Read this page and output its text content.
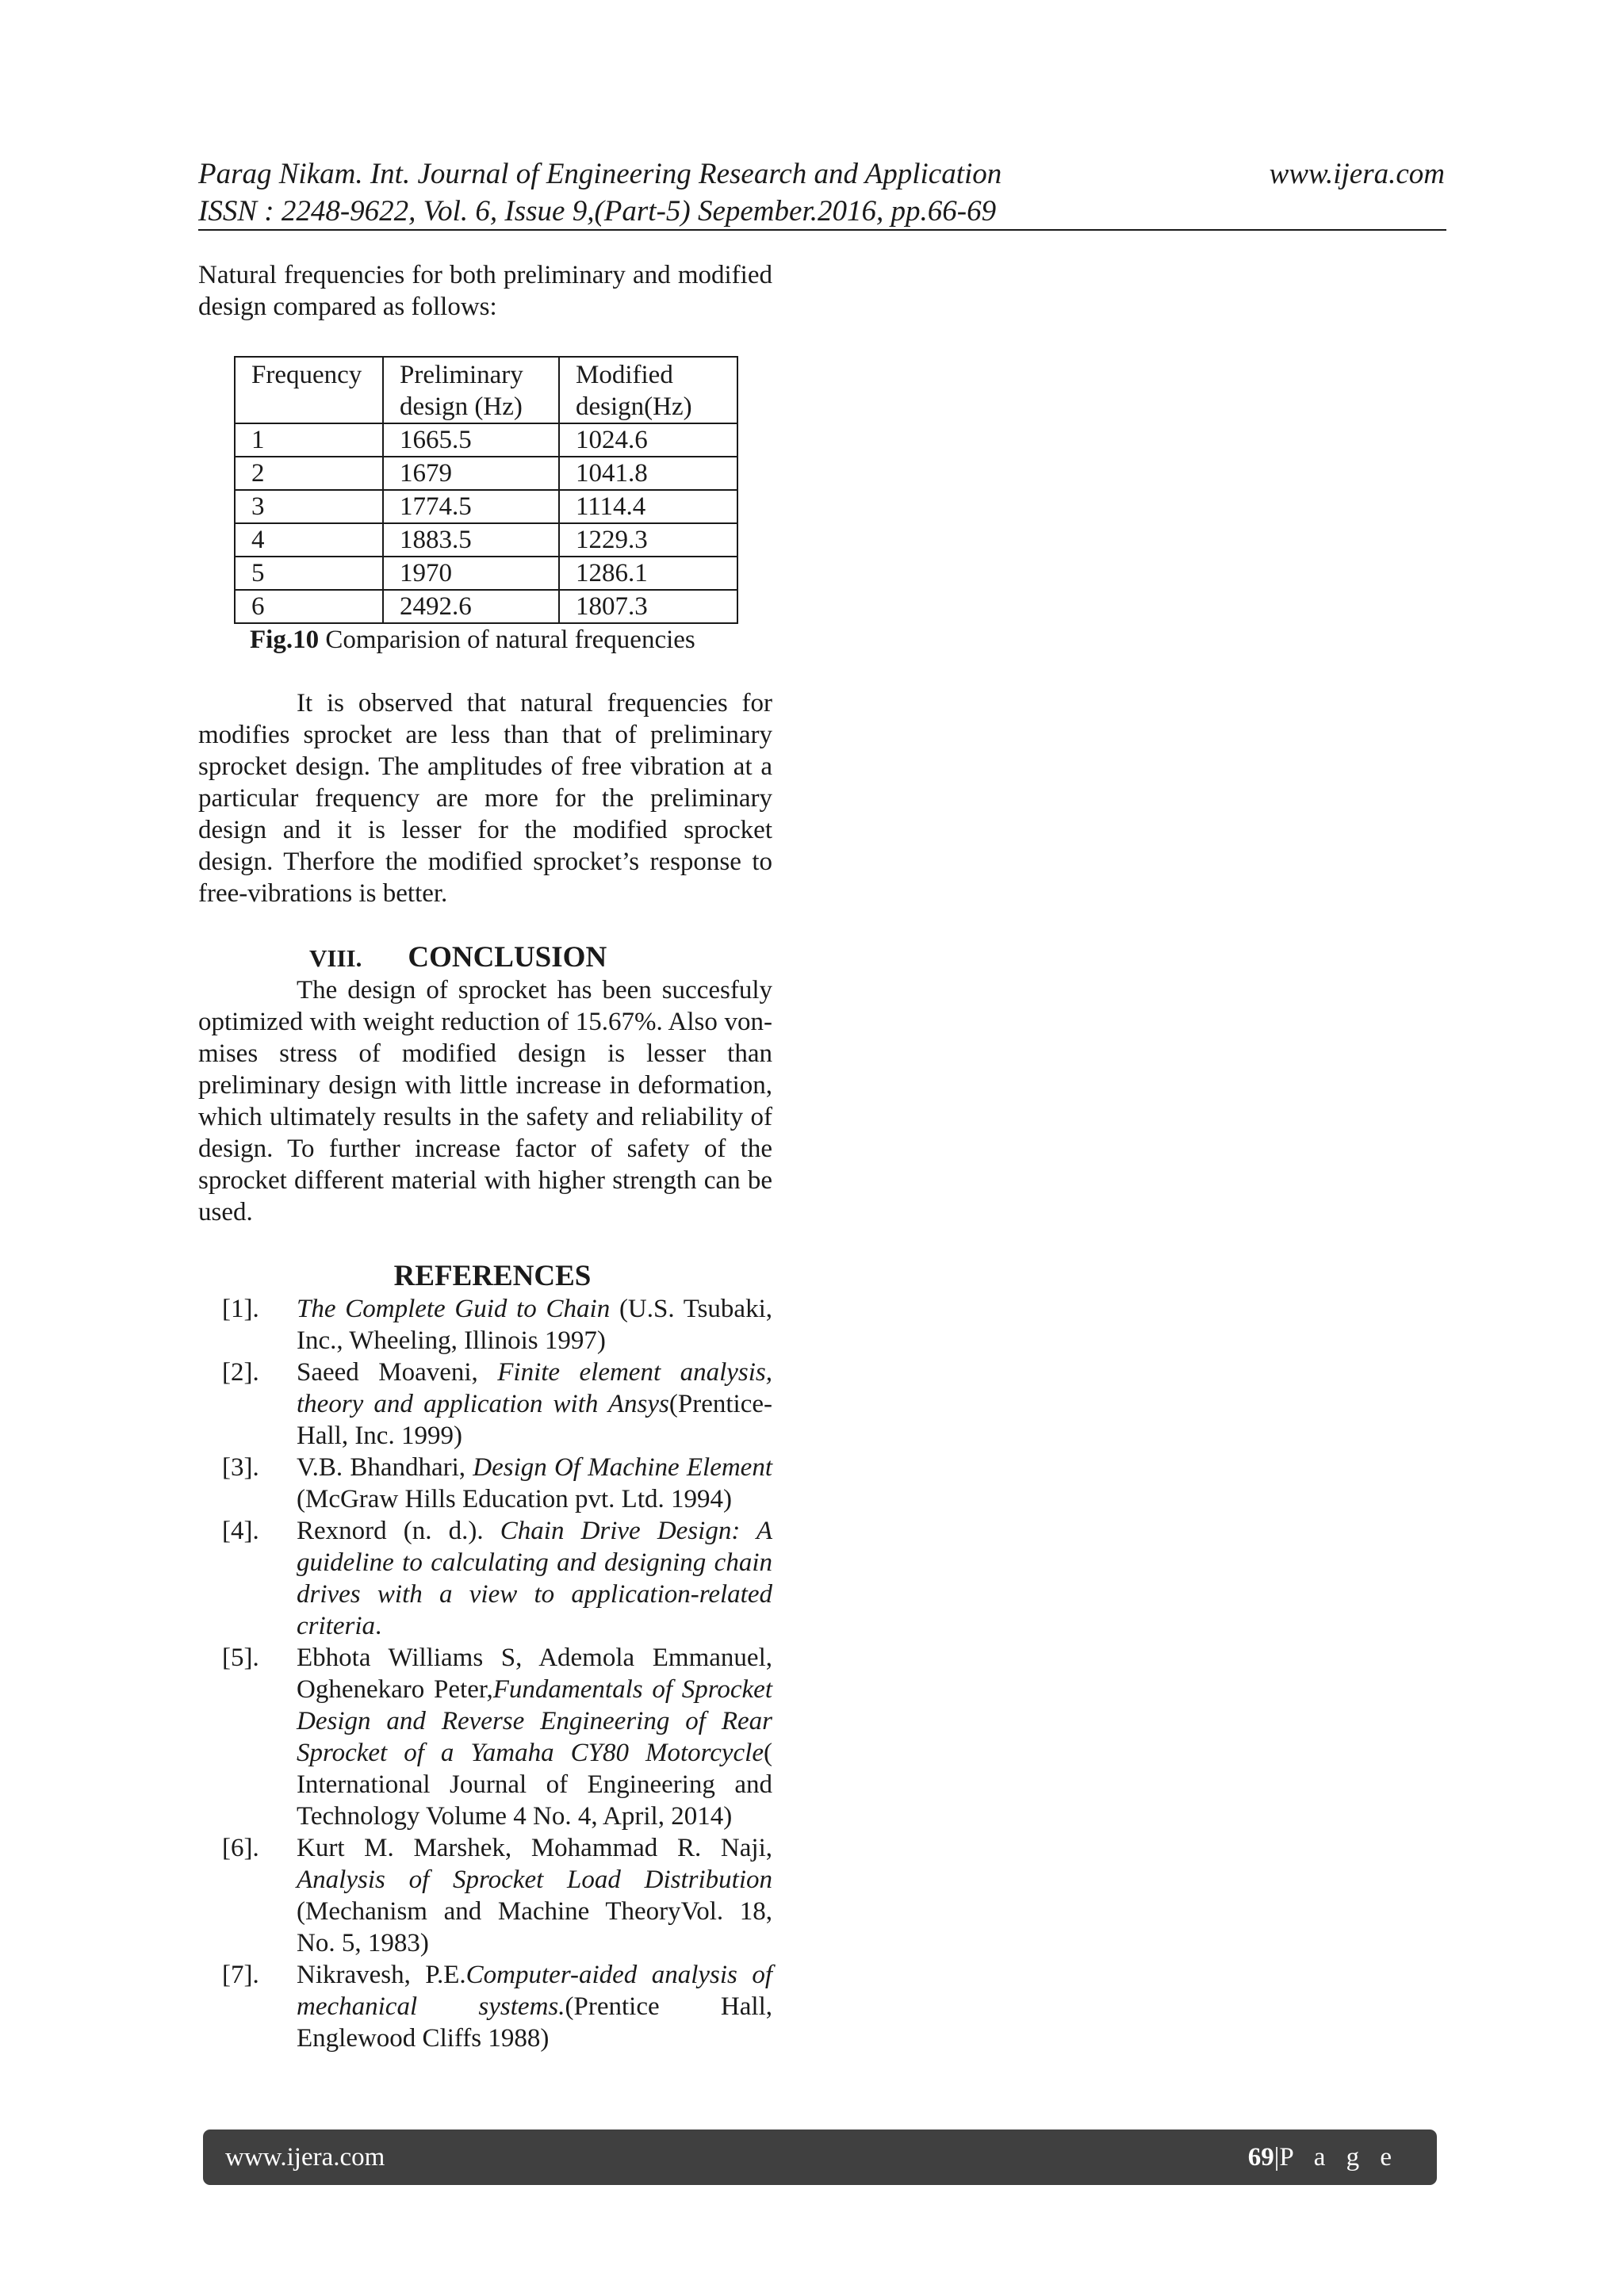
Parag Nikam. Int. Journal of Engineering Research and Application	www.ijera.com
ISSN : 2248-9622, Vol. 6, Issue 9,(Part-5) Sepember.2016, pp.66-69

Natural frequencies for both preliminary and modified design compared as follows:

Frequency	Preliminary design (Hz)	Modified design(Hz)
1	1665.5	1024.6
2	1679	1041.8
3	1774.5	1114.4
4	1883.5	1229.3
5	1970	1286.1
6	2492.6	1807.3

Fig.10 Comparision of natural frequencies

It is observed that natural frequencies for modifies sprocket are less than that of preliminary sprocket design. The amplitudes of free vibration at a particular frequency are more for the preliminary design and it is lesser for the modified sprocket design. Therfore the modified sprocket’s response to free-vibrations is better.

VIII. CONCLUSION

The design of sprocket has been succesfuly optimized with weight reduction of 15.67%. Also von-mises stress of modified design is lesser than preliminary design with little increase in deformation, which ultimately results in the safety and reliability of design. To further increase factor of safety of the sprocket different material with higher strength can be used.

REFERENCES
[1].	The Complete Guid to Chain (U.S. Tsubaki, Inc., Wheeling, Illinois 1997)
[2].	Saeed Moaveni, Finite element analysis, theory and application with Ansys(Prentice-Hall, Inc. 1999)
[3].	V.B. Bhandhari, Design Of Machine Element (McGraw Hills Education pvt. Ltd. 1994)
[4].	Rexnord (n. d.). Chain Drive Design: A guideline to calculating and designing chain drives with a view to application-related criteria.
[5].	Ebhota Williams S, Ademola Emmanuel, Oghenekaro Peter,Fundamentals of Sprocket Design and Reverse Engineering of Rear Sprocket of a Yamaha CY80 Motorcycle( International Journal of Engineering and Technology Volume 4 No. 4, April, 2014)
[6].	Kurt M. Marshek, Mohammad R. Naji, Analysis of Sprocket Load Distribution (Mechanism and Machine TheoryVol. 18, No. 5, 1983)
[7].	Nikravesh, P.E.Computer-aided analysis of mechanical systems.(Prentice Hall, Englewood Cliffs 1988)
www.ijera.com	69|P a g e
